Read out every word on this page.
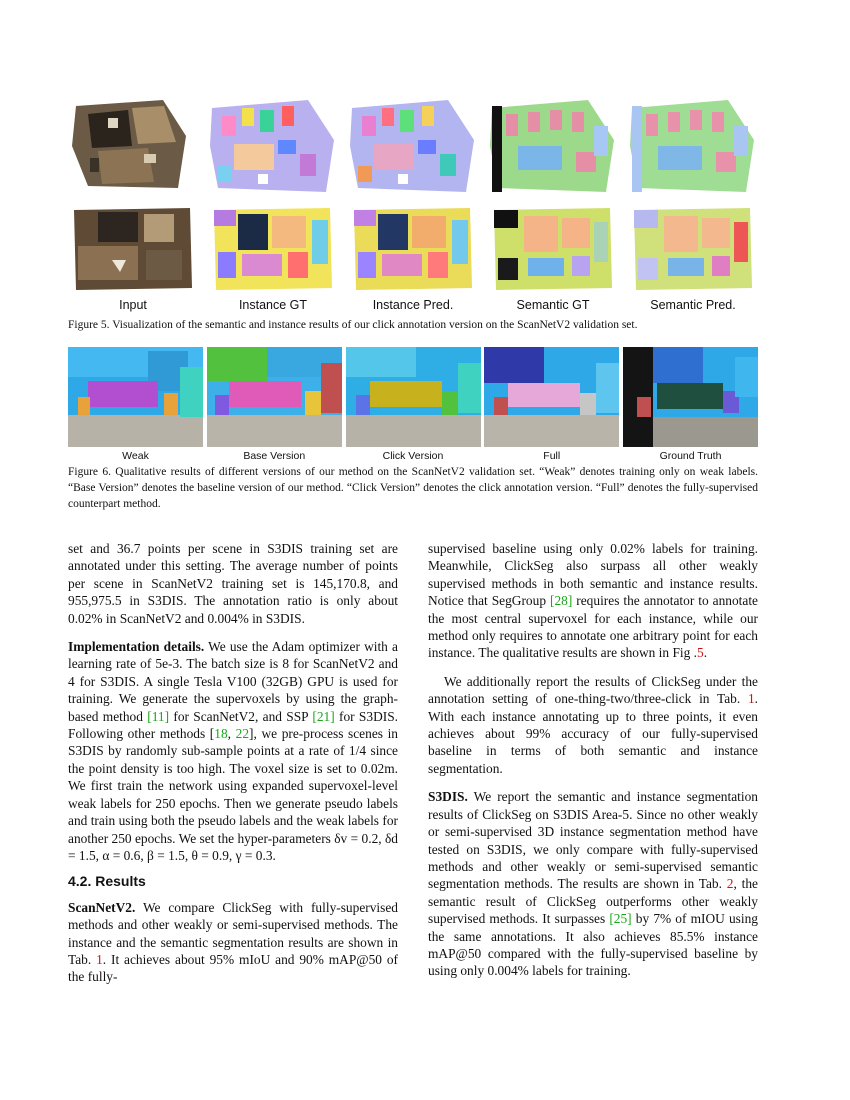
Input	Instance GT	Instance Pred.	Semantic GT	Semantic Pred.
Figure 5. Visualization of the semantic and instance results of our click annotation version on the ScanNetV2 validation set.
Weak	Base Version	Click Version	Full	Ground Truth
Figure 6. Qualitative results of different versions of our method on the ScanNetV2 validation set. “Weak” denotes training only on weak labels. “Base Version” denotes the baseline version of our method. “Click Version” denotes the click annotation version. “Full” denotes the fully-supervised counterpart method.

set and 36.7 points per scene in S3DIS training set are annotated under this setting. The average number of points per scene in ScanNetV2 training set is 145,170.8, and 955,975.5 in S3DIS. The annotation ratio is only about 0.02% in ScanNetV2 and 0.004% in S3DIS.

Implementation details. We use the Adam optimizer with a learning rate of 5e-3. The batch size is 8 for ScanNetV2 and 4 for S3DIS. A single Tesla V100 (32GB) GPU is used for training. We generate the supervoxels by using the graph-based method [11] for ScanNetV2, and SSP [21] for S3DIS. Following other methods [18, 22], we pre-process scenes in S3DIS by randomly sub-sample points at a rate of 1/4 since the point density is too high. The voxel size is set to 0.02m. We first train the network using expanded supervoxel-level weak labels for 250 epochs. Then we generate pseudo labels and train using both the pseudo labels and the weak labels for another 250 epochs. We set the hyper-parameters δv = 0.2, δd = 1.5, α = 0.6, β = 1.5, θ = 0.9, γ = 0.3.

4.2. Results

ScanNetV2. We compare ClickSeg with fully-supervised methods and other weakly or semi-supervised methods. The instance and the semantic segmentation results are shown in Tab. 1. It achieves about 95% mIoU and 90% mAP@50 of the fully-

supervised baseline using only 0.02% labels for training. Meanwhile, ClickSeg also surpass all other weakly supervised methods in both semantic and instance results. Notice that SegGroup [28] requires the annotator to annotate the most central supervoxel for each instance, while our method only requires to annotate one arbitrary point for each instance. The qualitative results are shown in Fig .5.

We additionally report the results of ClickSeg under the annotation setting of one-thing-two/three-click in Tab. 1. With each instance annotating up to three points, it even achieves about 99% accuracy of our fully-supervised baseline in terms of both semantic and instance segmentation.

S3DIS. We report the semantic and instance segmentation results of ClickSeg on S3DIS Area-5. Since no other weakly or semi-supervised 3D instance segmentation method have tested on S3DIS, we only compare with fully-supervised methods and other weakly or semi-supervised semantic segmentation methods. The results are shown in Tab. 2, the semantic result of ClickSeg outperforms other weakly supervised methods. It surpasses [25] by 7% of mIOU using the same annotations. It also achieves 85.5% instance mAP@50 compared with the fully-supervised baseline by using only 0.004% labels for training.
